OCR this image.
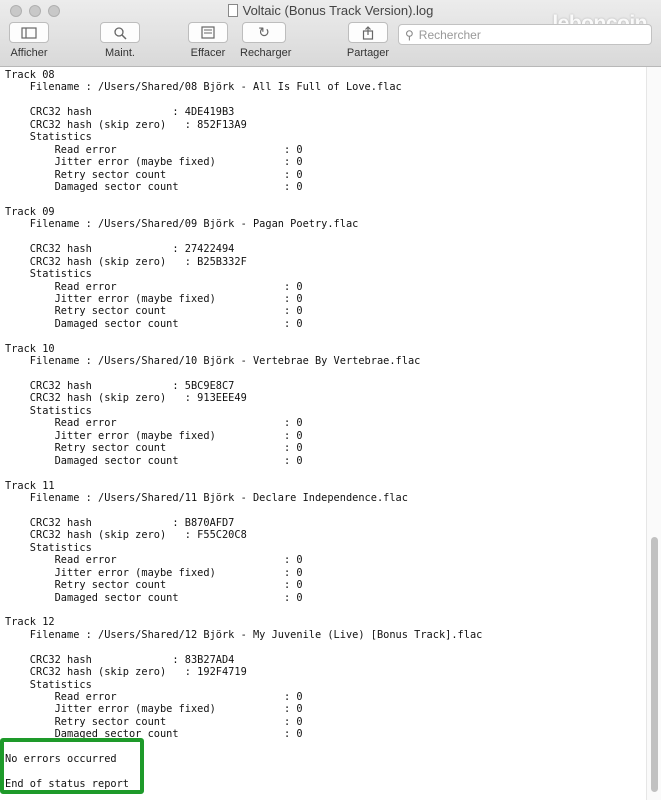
Voltaic (Bonus Track Version).log
Afficher	Maint.	Effacer
↻
Recharger	Partager
⚲ Rechercher
Track 08
Filename : /Users/Shared/08 Björk - All Is Full of Love.flac
CRC32 hash             : 4DE419B3
CRC32 hash (skip zero)   : 852F13A9
Statistics
Read error                           : 0
Jitter error (maybe fixed)           : 0
Retry sector count                   : 0
Damaged sector count                 : 0
Track 09
Filename : /Users/Shared/09 Björk - Pagan Poetry.flac
CRC32 hash             : 27422494
CRC32 hash (skip zero)   : B25B332F
Statistics
Read error                           : 0
Jitter error (maybe fixed)           : 0
Retry sector count                   : 0
Damaged sector count                 : 0
Track 10
Filename : /Users/Shared/10 Björk - Vertebrae By Vertebrae.flac
CRC32 hash             : 5BC9E8C7
CRC32 hash (skip zero)   : 913EEE49
Statistics
Read error                           : 0
Jitter error (maybe fixed)           : 0
Retry sector count                   : 0
Damaged sector count                 : 0
Track 11
Filename : /Users/Shared/11 Björk - Declare Independence.flac
CRC32 hash             : B870AFD7
CRC32 hash (skip zero)   : F55C20C8
Statistics
Read error                           : 0
Jitter error (maybe fixed)           : 0
Retry sector count                   : 0
Damaged sector count                 : 0
Track 12
Filename : /Users/Shared/12 Björk - My Juvenile (Live) [Bonus Track].flac
CRC32 hash             : 83B27AD4
CRC32 hash (skip zero)   : 192F4719
Statistics
Read error                           : 0
Jitter error (maybe fixed)           : 0
Retry sector count                   : 0
Damaged sector count                 : 0
No errors occurred
End of status report
